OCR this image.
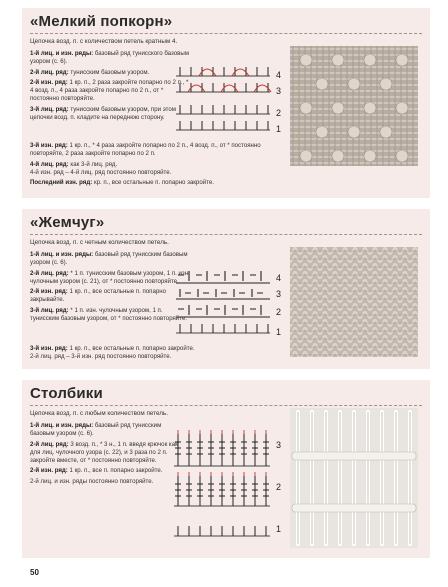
«Мелкий попкорн»
Цепочка возд. п. с количеством петель кратным 4.

1-й лиц. и изн. ряды: базовый ряд тунисского базовым узором (с. 6).

2-й лиц. ряд: тунисским базовым узором.

2-й изн. ряд: 1 кр. п., 2 раза закройте попарно по 2 п., * 4 возд. п., 4 раза закройте попарно по 2 п., от * постоянно повторяйте.

3-й лиц. ряд: тунисским базовым узором, при этом цепочки возд. п. кладите на переднюю сторону.

3-й изн. ряд: 1 кр. п., * 4 раза закройте попарно по 2 п., 4 возд. п., от * постоянно повторяйте, 2 раза закройте попарно по 2 п.

4-й лиц. ряд: как 3-й лиц. ряд.
4-й изн. ряд – 4-й лиц. ряд постоянно повторяйте.

Последний изн. ряд: кр. п., все остальные п. попарно закройте.

4
3
2
1
«Жемчуг»
Цепочка возд. п. с четным количеством петель.

1-й лиц. и изн. ряды: базовый ряд тунисским базовым узором (с. 6).

2-й лиц. ряд: * 1 п. тунисским базовым узором, 1 п. изн. чулочным узором (с. 21), от * постоянно повторяйте.

2-й изн. ряд: 1 кр. п., все остальные п. попарно закрывайте.

3-й лиц. ряд: * 1 п. изн. чулочным узором, 1 п. тунисским базовым узором, от * постоянно повторяйте.

3-й изн. ряд: 1 кр. п., все остальные п. попарно закройте.
2-й лиц. ряд – 3-й изн. ряд постоянно повторяйте.

4
3
2
1
Столбики
Цепочка возд. п. с любым количеством петель.

1-й лиц. и изн. ряды: базовый ряд тунисским базовым узором (с. 6).

2-й лиц. ряд: 3 возд. п., * 3 н., 1 п. введя крючок как для лиц. чулочного узора (с. 22), и 3 раза по 2 п. закройте вместе, от * постоянно повторяйте.

2-й изн. ряд: 1 кр. п., все п. попарно закройте.

2-й лиц. и изн. ряды постоянно повторяйте.

3
2
1
50
